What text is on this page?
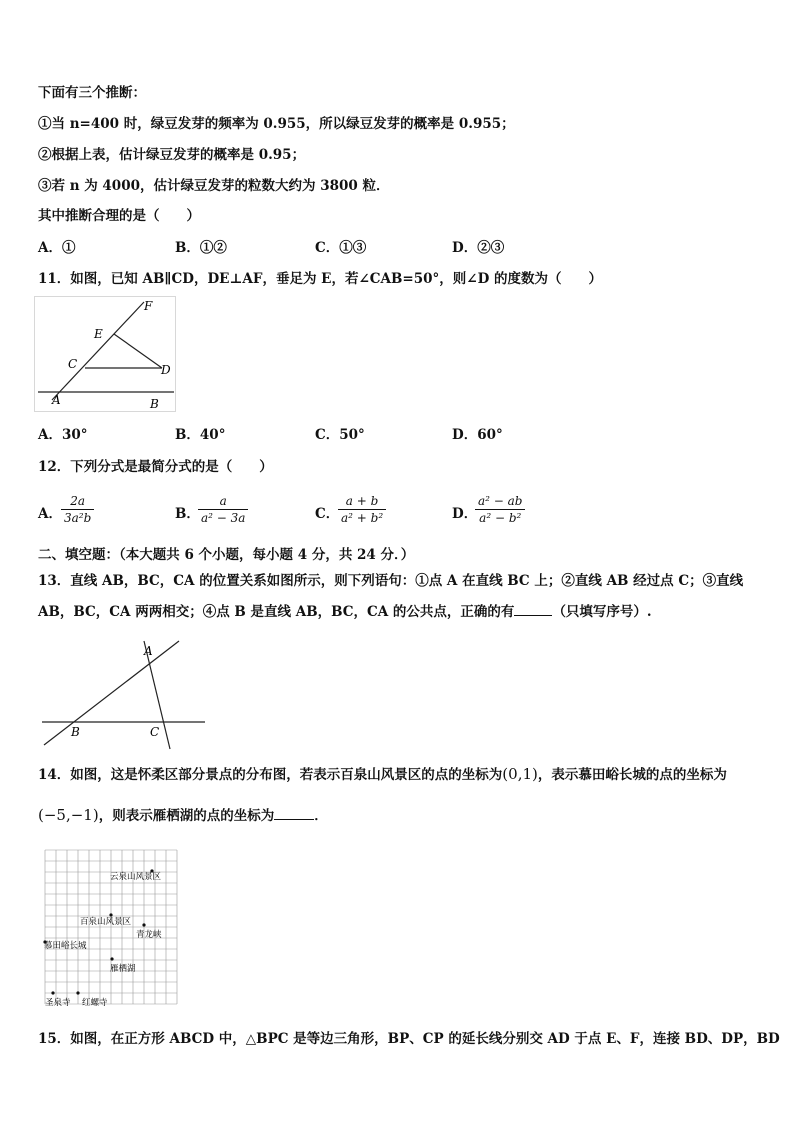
下面有三个推断：
①当 n=400 时，绿豆发芽的频率为 0.955，所以绿豆发芽的概率是 0.955；
②根据上表，估计绿豆发芽的概率是 0.95；
③若 n 为 4000，估计绿豆发芽的粒数大约为 3800 粒．
其中推断合理的是（　　）
A．①	B．①②	C．①③	D．②③
11．如图，已知 AB∥CD，DE⊥AF，垂足为 E，若∠CAB=50°，则∠D 的度数为（　　）
F
E
C	D
A	B
A．30°	B．40°	C．50°	D．60°
12．下列分式是最简分式的是（　　）
A． $\frac{2a}{\text{3a²b}}$	B．
$\frac{a}{\text{a² − 3a}}$	C．
$\frac{a + b}{\text{a² + b²}}$	D．
$\frac{\text{a² − ab}}{\text{a² − b²}}$
二、填空题：（本大题共 6 个小题，每小题 4 分，共 24 分．）
13．直线 AB，BC，CA 的位置关系如图所示，则下列语句：①点 A 在直线 BC 上；②直线 AB 经过点 C；③直线
AB，BC，CA 两两相交；④点 B 是直线 AB，BC，CA 的公共点，正确的有	（只填写序号）.
A
B	C
14．如图，这是怀柔区部分景点的分布图，若表示百泉山风景区的点的坐标为(0,1)，表示慕田峪长城的点的坐标为
(−5,−1)，则表示雁栖湖的点的坐标为	．
云泉山风景区
百泉山风景区
青龙峡
慕田峪长城
雁栖湖
圣泉寺 红螺寺
15．如图，在正方形 ABCD 中，△BPC 是等边三角形，BP、CP 的延长线分别交 AD 于点 E、F，连接 BD、DP，BD
